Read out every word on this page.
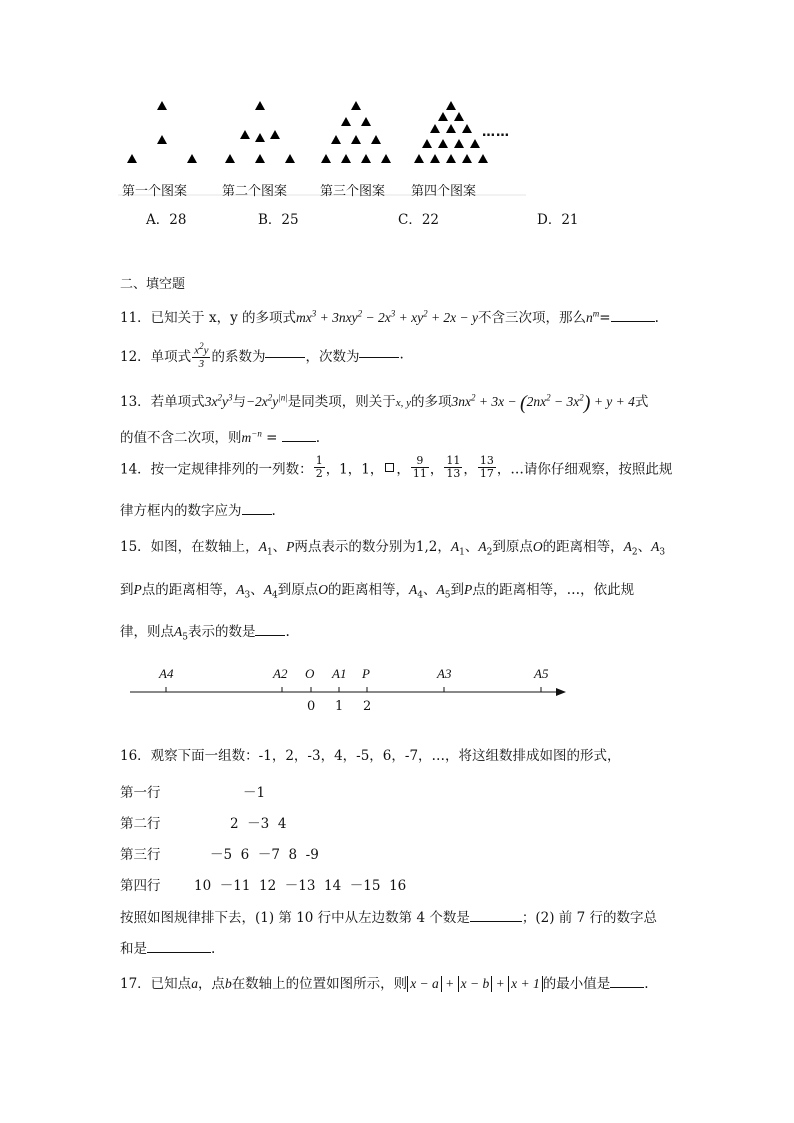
……
第一个图案	第二个图案	第三个图案 第四个图案
A．28	B．25	C．22	D．21
二、填空题
11．已知关于 x，y 的多项式$mx^3 + 3nxy^2 - 2x^3 + xy^2 + 2x - y$不含三次项，那么$n^m=$	.
12．单项式 $\frac{x^2y}{3}$ 的系数为	，次数为	.
13．若单项式$3x^2y^3$与$-2x^2y^{|n|}$是同类项，则关于x, y的多项$3nx^2 + 3x - (2nx^2 - 3x^2) + y + 4$式
的值不含二次项，则$m^{-n}$ =	.
14．按一定规律排列的一列数： $\frac{1}{2}$ ，1，1， ， $\frac{9}{11}$ ， $\frac{11}{13}$ ， $\frac{13}{17}$ ，…请你仔细观察，按照此规
律方框内的数字应为 .
15．如图，在数轴上，$A_1$、P两点表示的数分别为1,2，$A_1$、$A_2$到原点O的距离相等，$A_2$、$A_3$
到P点的距离相等，$A_3$、$A_4$到原点O的距离相等，$A_4$、$A_5$到P点的距离相等，…，依此规
律，则点$A_5$表示的数是 .
A4	A2 O A1 P	A3	A5
0 1 2
16．观察下面一组数：-1，2，-3，4，-5，6，-7，…，将这组数排成如图的形式，
第一行	－1
第二行	2  －3  4
第三行	－5  6  －7  8  -9
第四行 10  －11  12  －13  14  －15  16
按照如图规律排下去，(1) 第 10 行中从左边数第 4 个数是	；(2) 前 7 行的数字总
和是	.
17．已知点a，点b在数轴上的位置如图所示，则 x − a + x − b + x + 1 的最小值是	.
